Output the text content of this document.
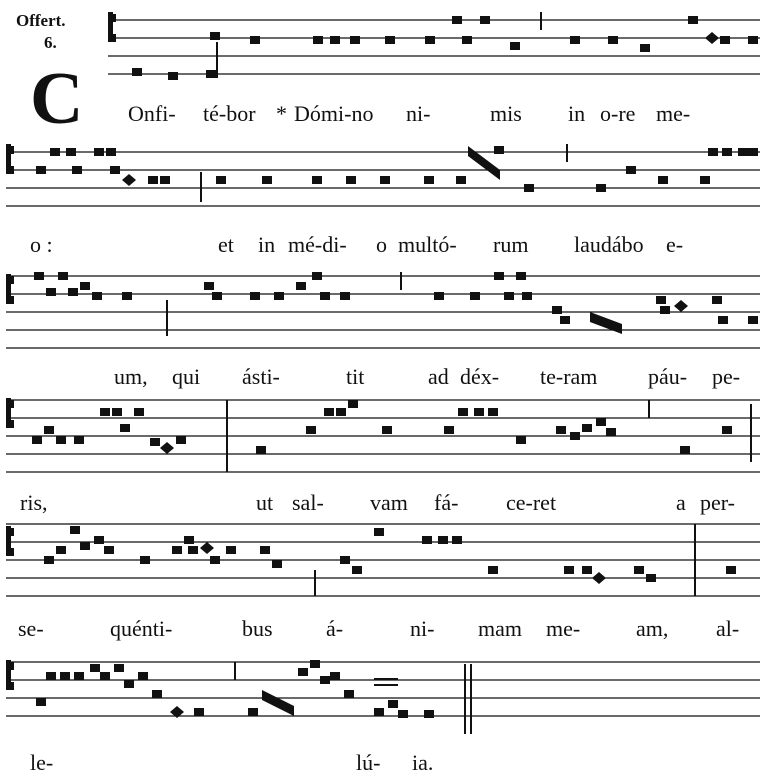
Offert.
6.
C Onfi- té-bor * Dómi-no ni-	mis in o-re me-
o :	et in mé-di- o multó- rum laudábo e-
um, qui ásti-	tit	ad déx- te-ram páu- pe-
ris,	ut sal- vam fá- ce-ret	a per-
se-	quénti-	bus á-	ni- mam me-	am, al-
le-	lú- ia.
